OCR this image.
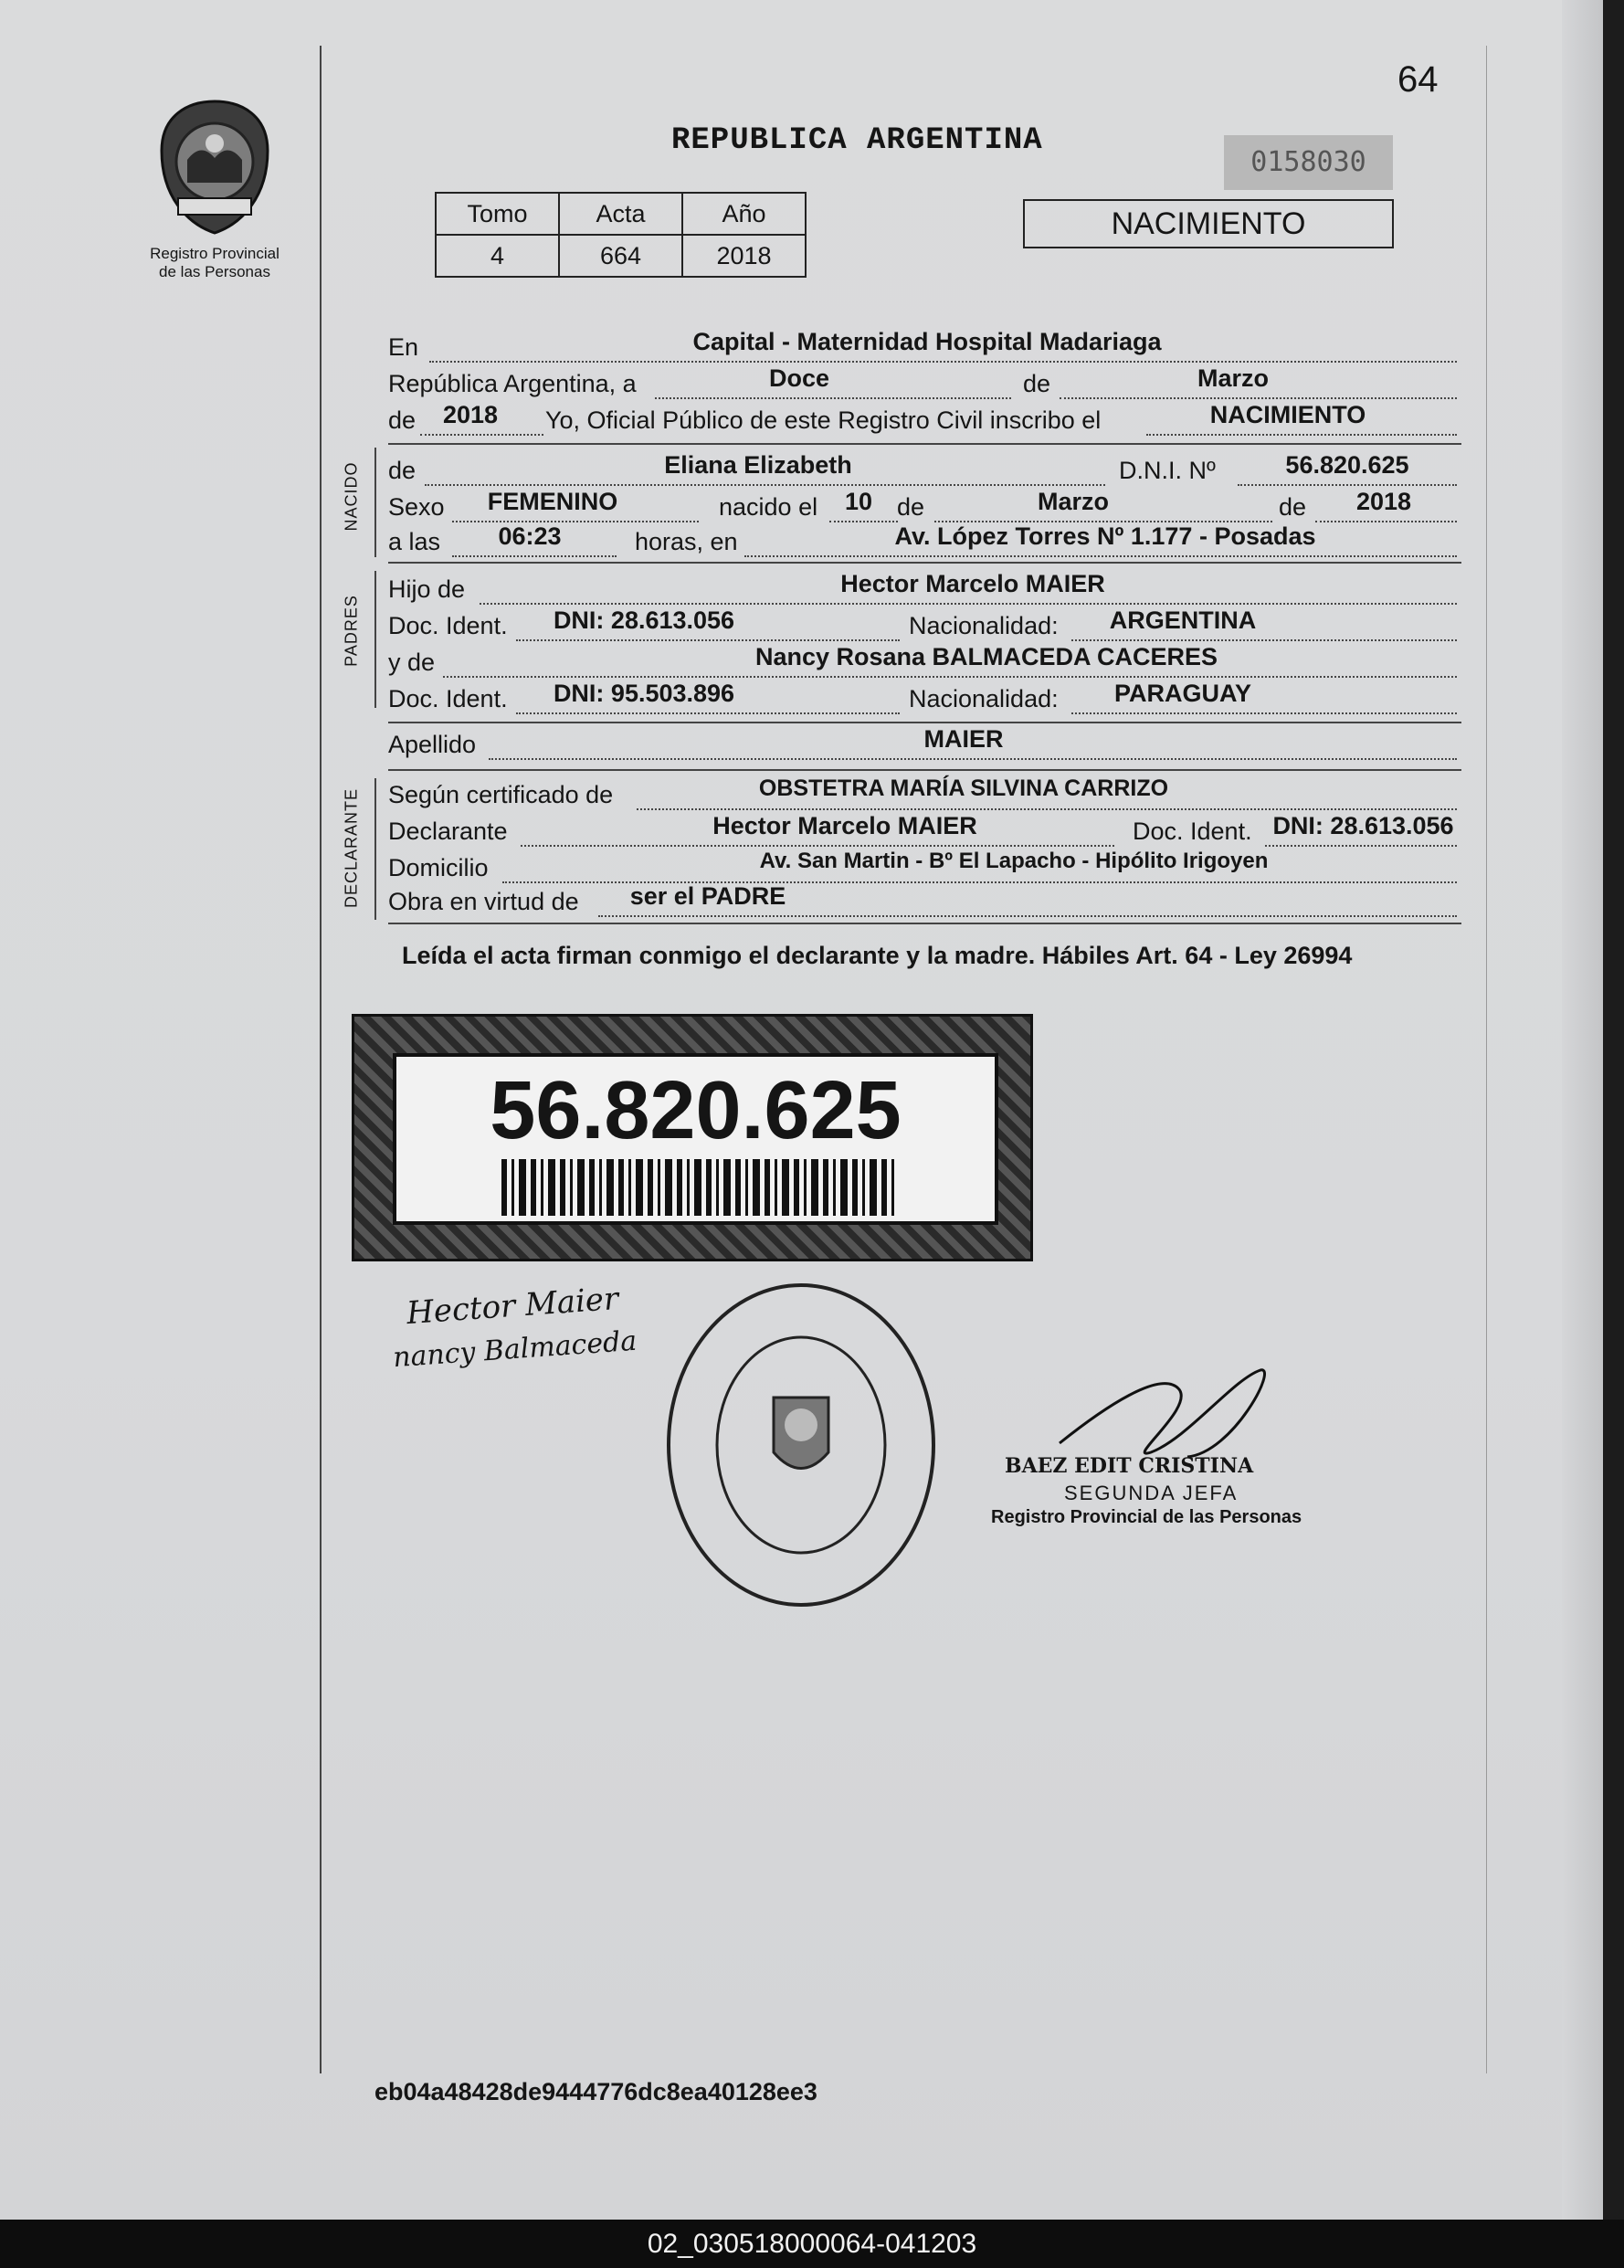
64
Registro Provincial
de las Personas
REPUBLICA ARGENTINA
0158030
Tomo	Acta	Año
4	664	2018
NACIMIENTO
En	Capital - Maternidad Hospital Madariaga
República Argentina, a	Doce	de	Marzo
de	2018	Yo, Oficial Público de este Registro Civil inscribo el	NACIMIENTO
NACIDO de	Eliana Elizabeth	D.N.I. Nº	56.820.625
Sexo	FEMENINO	nacido el	10 de	Marzo	de	2018
a las	06:23	horas, en	Av. López Torres Nº 1.177 - Posadas
PADRES
Hijo de	Hector Marcelo MAIER
Doc. Ident.	DNI: 28.613.056	Nacionalidad:	ARGENTINA
y de	Nancy Rosana BALMACEDA CACERES
Doc. Ident.	DNI: 95.503.896	Nacionalidad:	PARAGUAY
Apellido	MAIER
DECLARANTE Según certificado de	OBSTETRA MARÍA SILVINA CARRIZO
Declarante	Hector Marcelo MAIER	Doc. Ident. DNI: 28.613.056
Domicilio	Av. San Martin - Bº El Lapacho - Hipólito Irigoyen
Obra en virtud de	ser el PADRE
Leída el acta firman conmigo el declarante y la madre. Hábiles Art. 64 - Ley 26994
56.820.625
Hector Maier
nancy Balmaceda
BAEZ EDIT CRISTINA
SEGUNDA JEFA
Registro Provincial de las Personas
eb04a48428de9444776dc8ea40128ee3
02_030518000064-041203
